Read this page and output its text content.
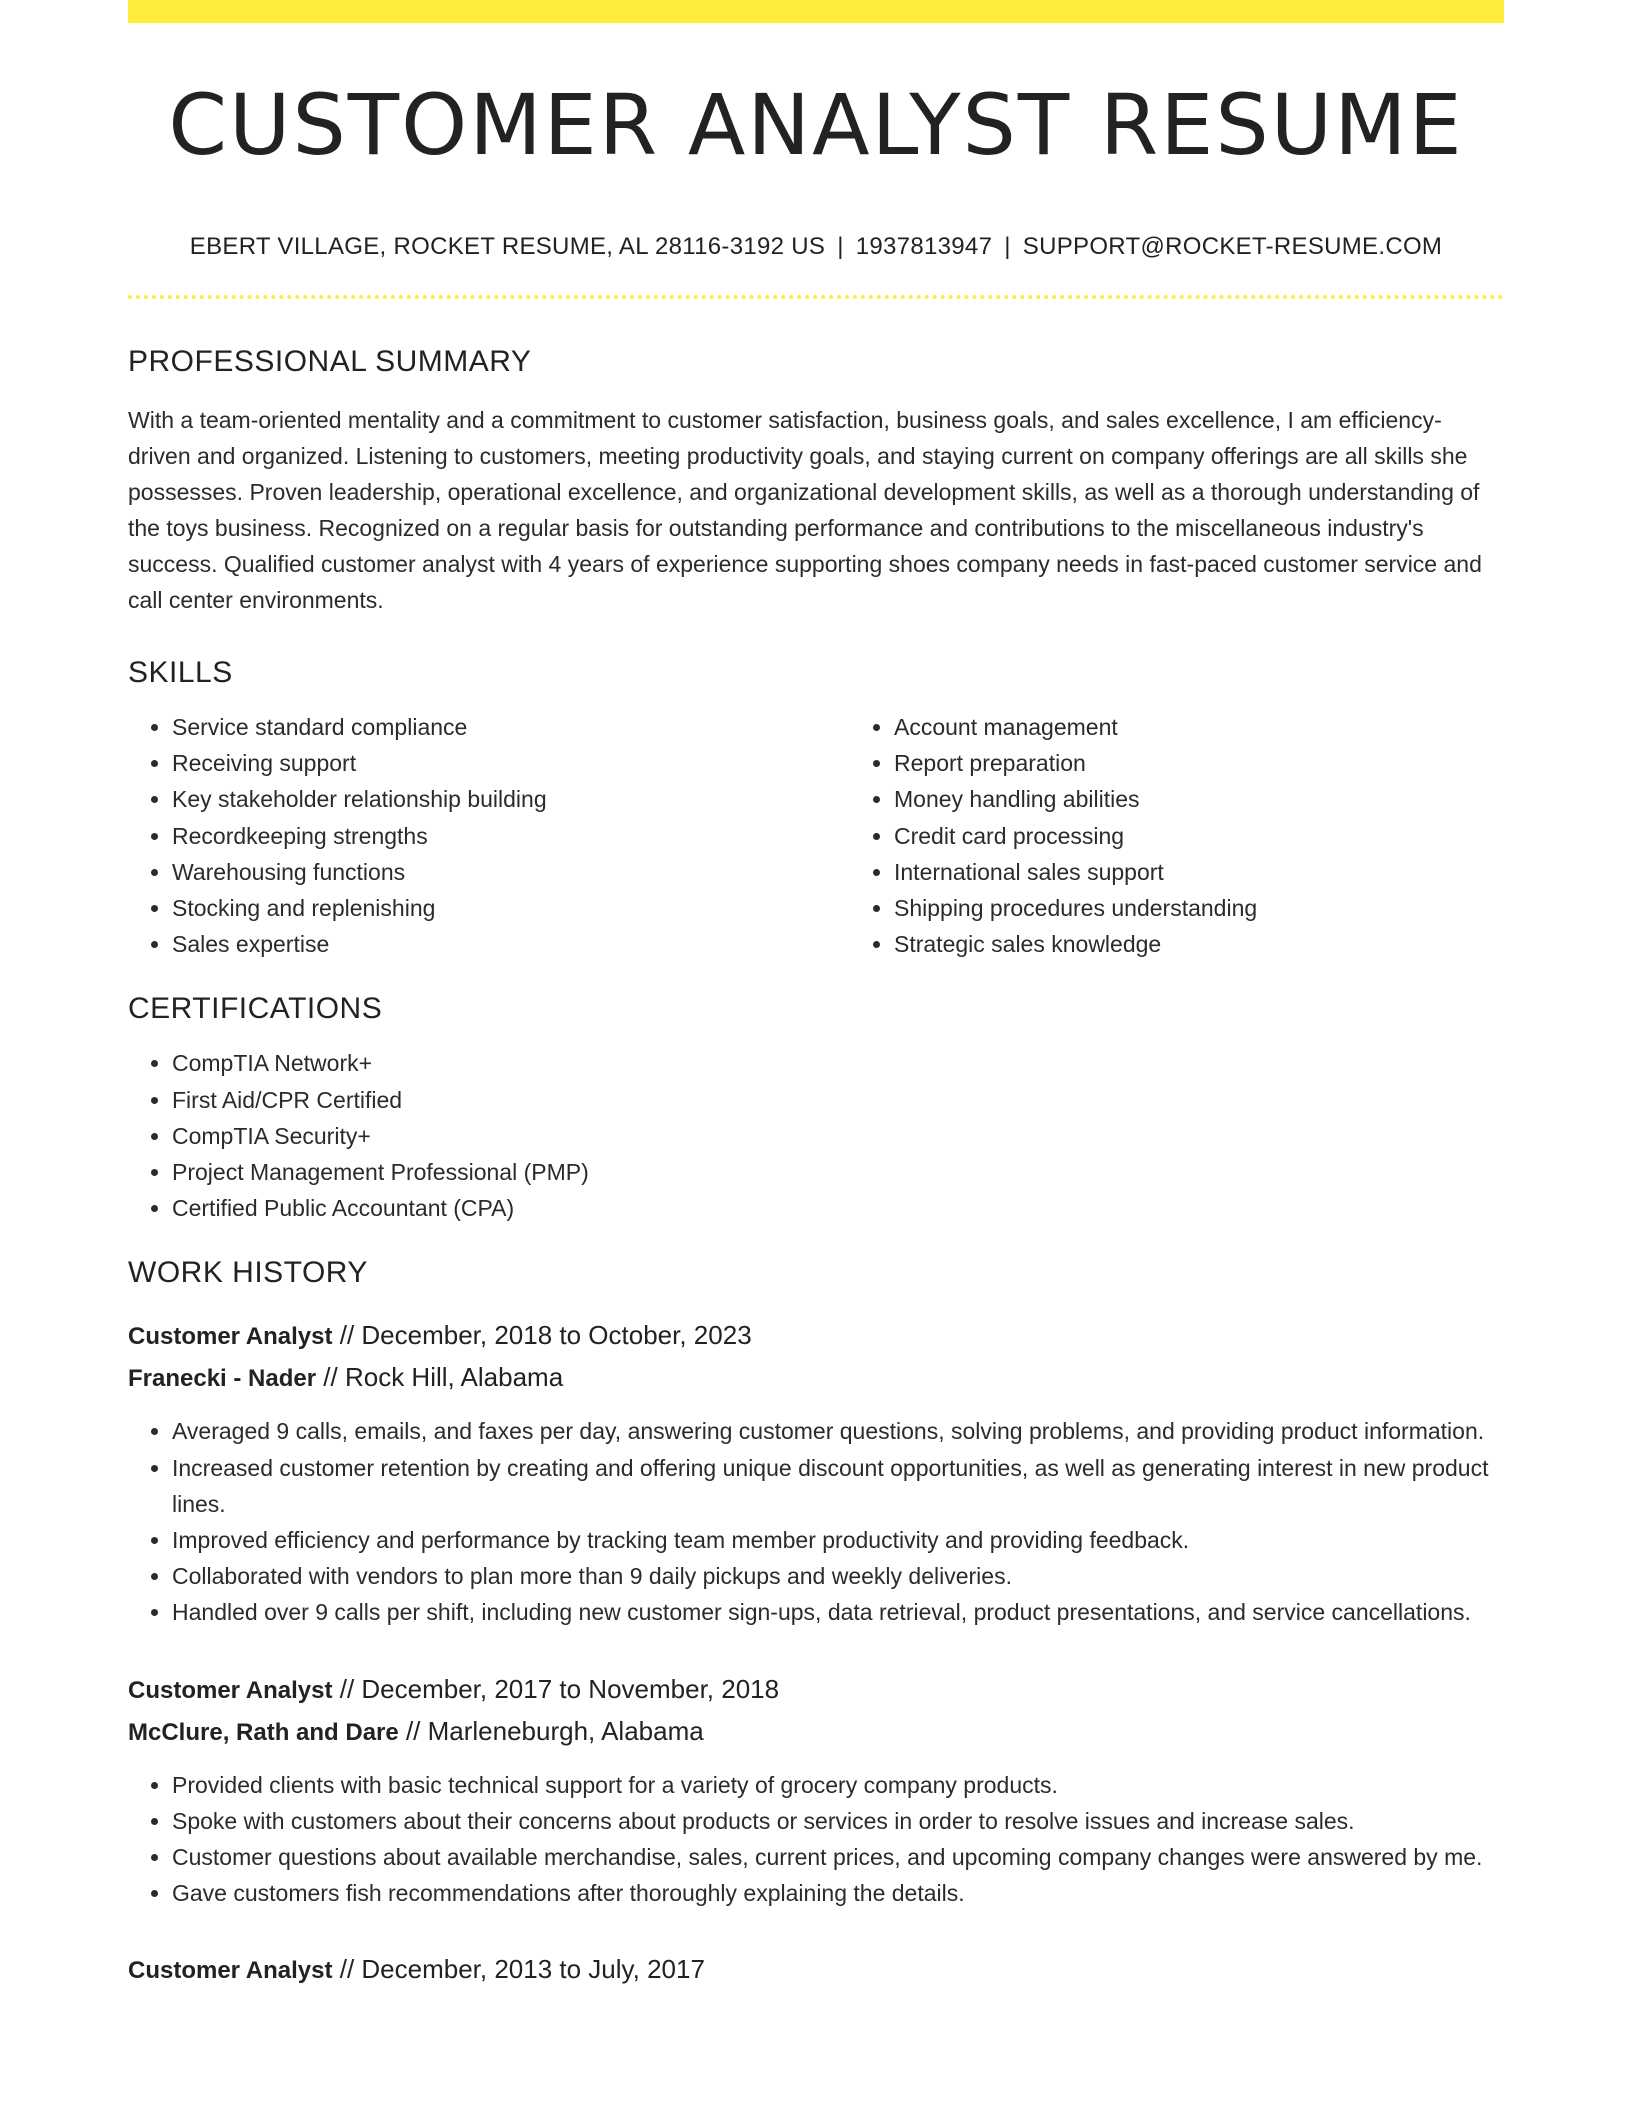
CUSTOMER ANALYST RESUME
EBERT VILLAGE, ROCKET RESUME, AL 28116-3192 US | 1937813947 | SUPPORT@ROCKET-RESUME.COM
PROFESSIONAL SUMMARY

With a team-oriented mentality and a commitment to customer satisfaction, business goals, and sales excellence, I am efficiency-driven and organized. Listening to customers, meeting productivity goals, and staying current on company offerings are all skills she possesses. Proven leadership, operational excellence, and organizational development skills, as well as a thorough understanding of the toys business. Recognized on a regular basis for outstanding performance and contributions to the miscellaneous industry's success. Qualified customer analyst with 4 years of experience supporting shoes company needs in fast-paced customer service and call center environments.

SKILLS
• Service standard compliance
• Receiving support
• Key stakeholder relationship building
• Recordkeeping strengths
• Warehousing functions
• Stocking and replenishing
• Sales expertise
• Account management
• Report preparation
• Money handling abilities
• Credit card processing
• International sales support
• Shipping procedures understanding
• Strategic sales knowledge
CERTIFICATIONS
• CompTIA Network+
• First Aid/CPR Certified
• CompTIA Security+
• Project Management Professional (PMP)
• Certified Public Accountant (CPA)
WORK HISTORY
Customer Analyst // December, 2018 to October, 2023
Franecki - Nader // Rock Hill, Alabama
• Averaged 9 calls, emails, and faxes per day, answering customer questions, solving problems, and providing product information.
• Increased customer retention by creating and offering unique discount opportunities, as well as generating interest in new product lines.
• Improved efficiency and performance by tracking team member productivity and providing feedback.
• Collaborated with vendors to plan more than 9 daily pickups and weekly deliveries.
• Handled over 9 calls per shift, including new customer sign-ups, data retrieval, product presentations, and service cancellations.
Customer Analyst // December, 2017 to November, 2018
McClure, Rath and Dare // Marleneburgh, Alabama
• Provided clients with basic technical support for a variety of grocery company products.
• Spoke with customers about their concerns about products or services in order to resolve issues and increase sales.
• Customer questions about available merchandise, sales, current prices, and upcoming company changes were answered by me.
• Gave customers fish recommendations after thoroughly explaining the details.
Customer Analyst // December, 2013 to July, 2017
